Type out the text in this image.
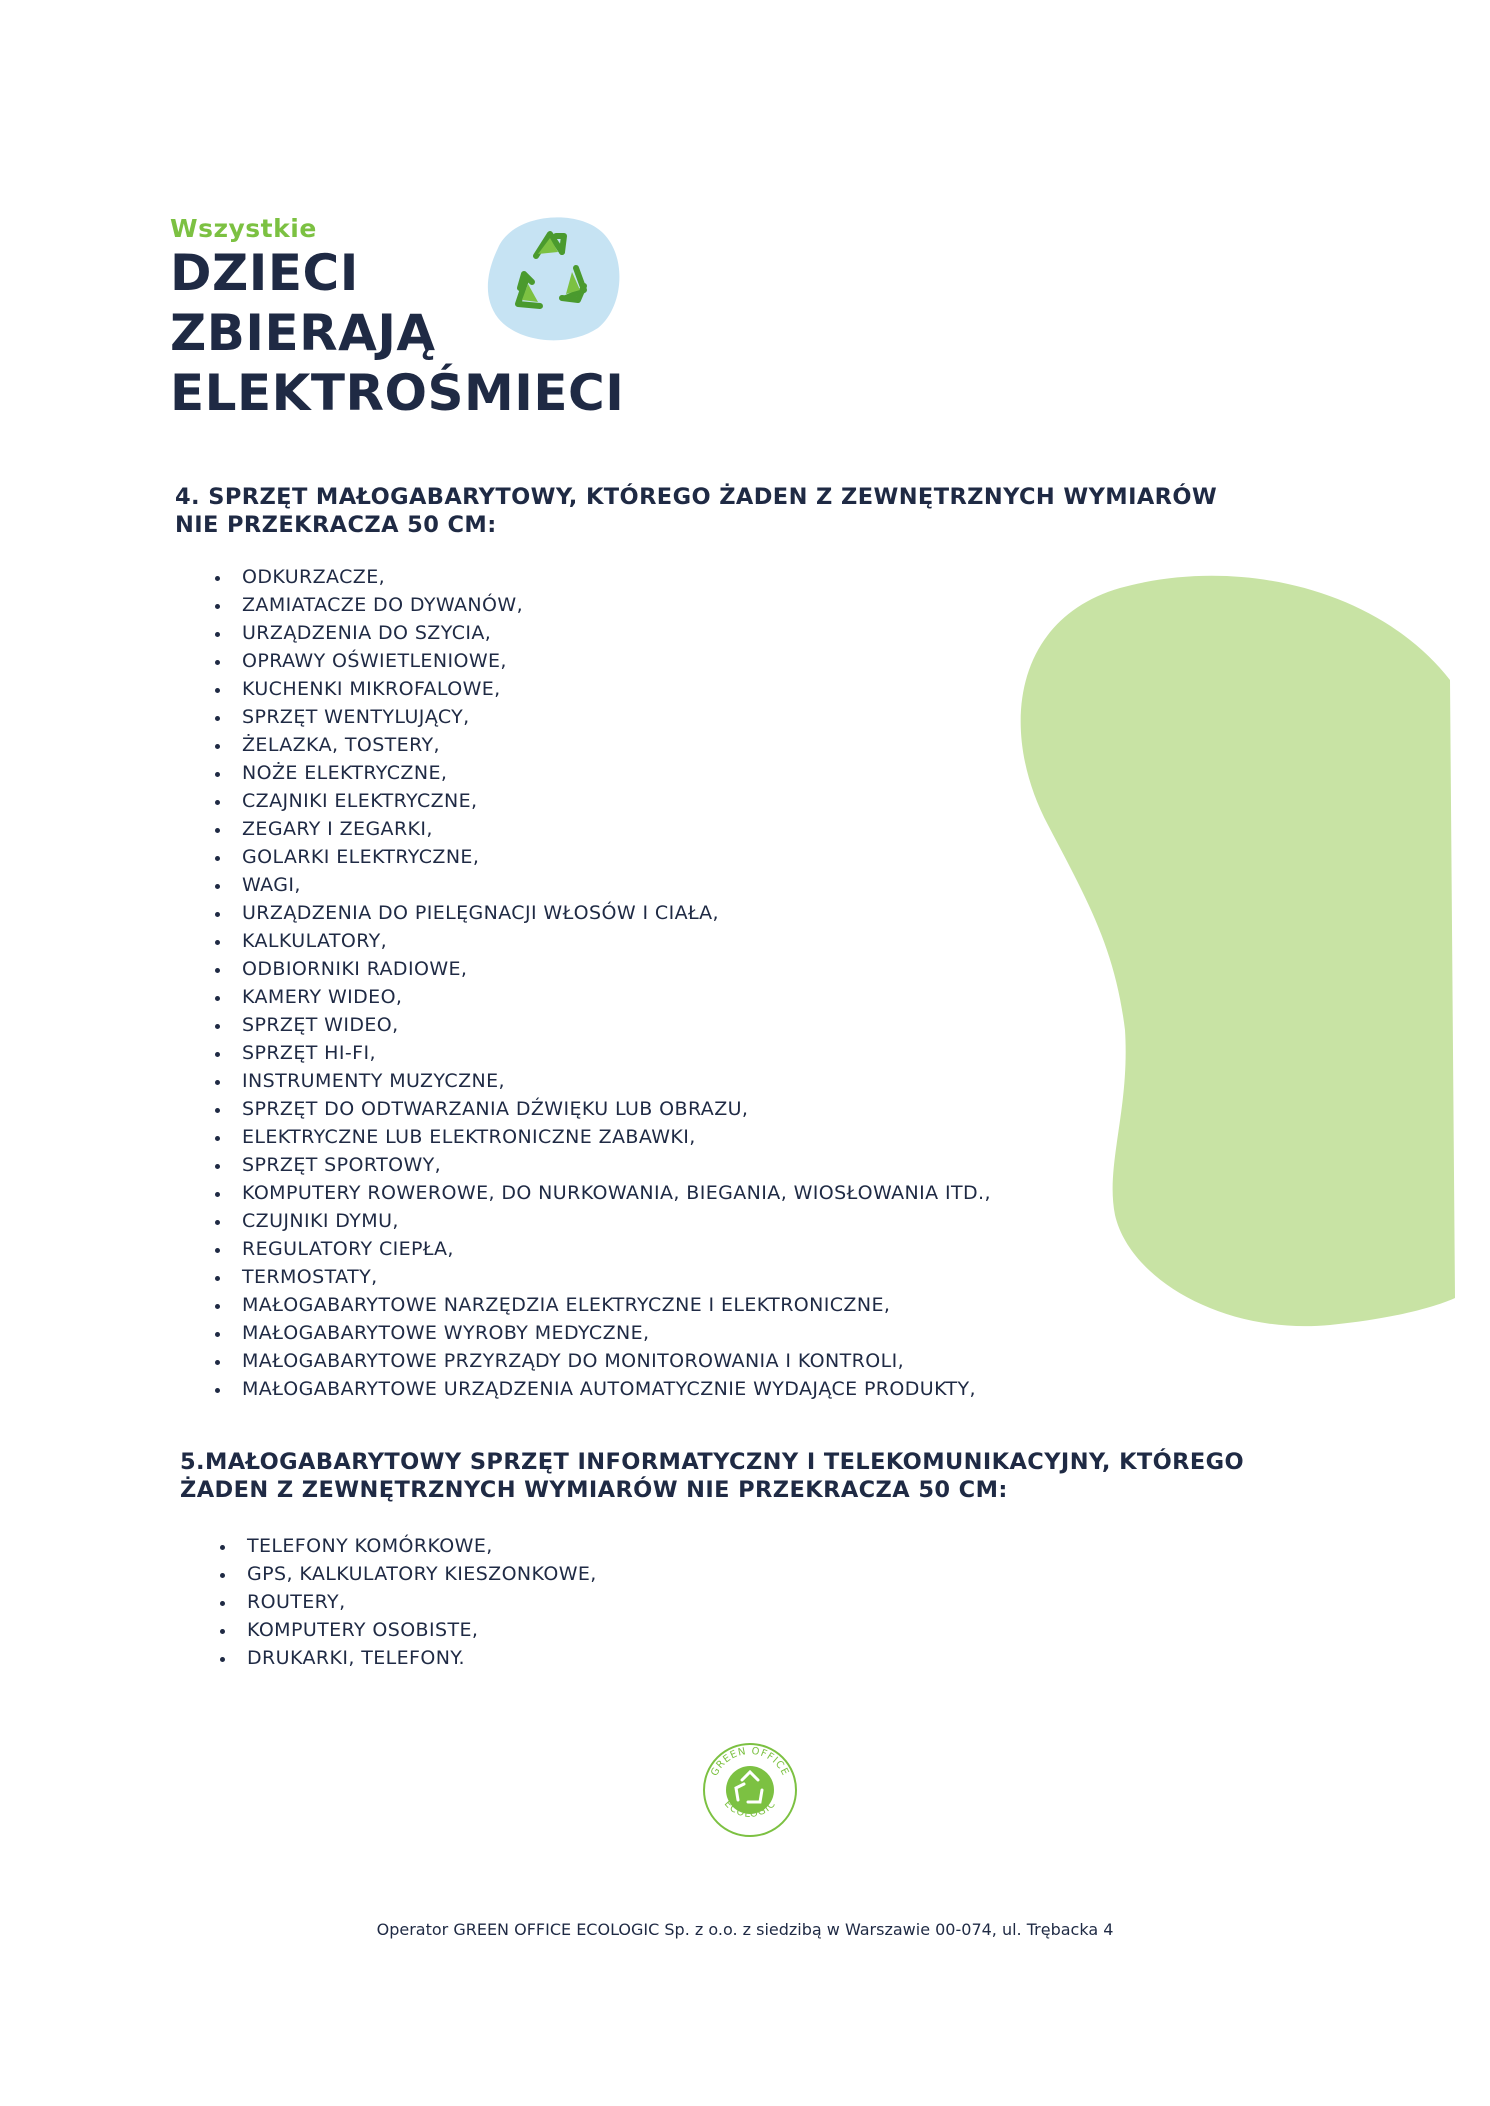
Wszystkie
DZIECI
ZBIERAJĄ
ELEKTROŚMIECI

4. SPRZĘT MAŁOGABARYTOWY, KTÓREGO ŻADEN Z ZEWNĘTRZNYCH WYMIARÓW

NIE PRZEKRACZA 50 CM:

ODKURZACZE,
ZAMIATACZE DO DYWANÓW,
URZĄDZENIA DO SZYCIA,
OPRAWY OŚWIETLENIOWE,
KUCHENKI MIKROFALOWE,
SPRZĘT WENTYLUJĄCY,
ŻELAZKA, TOSTERY,
NOŻE ELEKTRYCZNE,
CZAJNIKI ELEKTRYCZNE,
ZEGARY I ZEGARKI,
GOLARKI ELEKTRYCZNE,
WAGI,
URZĄDZENIA DO PIELĘGNACJI WŁOSÓW I CIAŁA,
KALKULATORY,
ODBIORNIKI RADIOWE,
KAMERY WIDEO,
SPRZĘT WIDEO,
SPRZĘT HI-FI,
INSTRUMENTY MUZYCZNE,
SPRZĘT DO ODTWARZANIA DŹWIĘKU LUB OBRAZU,
ELEKTRYCZNE LUB ELEKTRONICZNE ZABAWKI,
SPRZĘT SPORTOWY,
KOMPUTERY ROWEROWE, DO NURKOWANIA, BIEGANIA, WIOSŁOWANIA ITD.,
CZUJNIKI DYMU,
REGULATORY CIEPŁA,
TERMOSTATY,
MAŁOGABARYTOWE NARZĘDZIA ELEKTRYCZNE I ELEKTRONICZNE,
MAŁOGABARYTOWE WYROBY MEDYCZNE,
MAŁOGABARYTOWE PRZYRZĄDY DO MONITOROWANIA I KONTROLI,
MAŁOGABARYTOWE URZĄDZENIA AUTOMATYCZNIE WYDAJĄCE PRODUKTY,

5.MAŁOGABARYTOWY SPRZĘT INFORMATYCZNY I TELEKOMUNIKACYJNY, KTÓREGO

ŻADEN Z ZEWNĘTRZNYCH WYMIARÓW NIE PRZEKRACZA 50 CM:

TELEFONY KOMÓRKOWE,
GPS, KALKULATORY KIESZONKOWE,
ROUTERY,
KOMPUTERY OSOBISTE,
DRUKARKI, TELEFONY.
GREEN OFFICE
ECOLOGIC
Operator GREEN OFFICE ECOLOGIC Sp. z o.o. z siedzibą w Warszawie 00-074, ul. Trębacka 4
